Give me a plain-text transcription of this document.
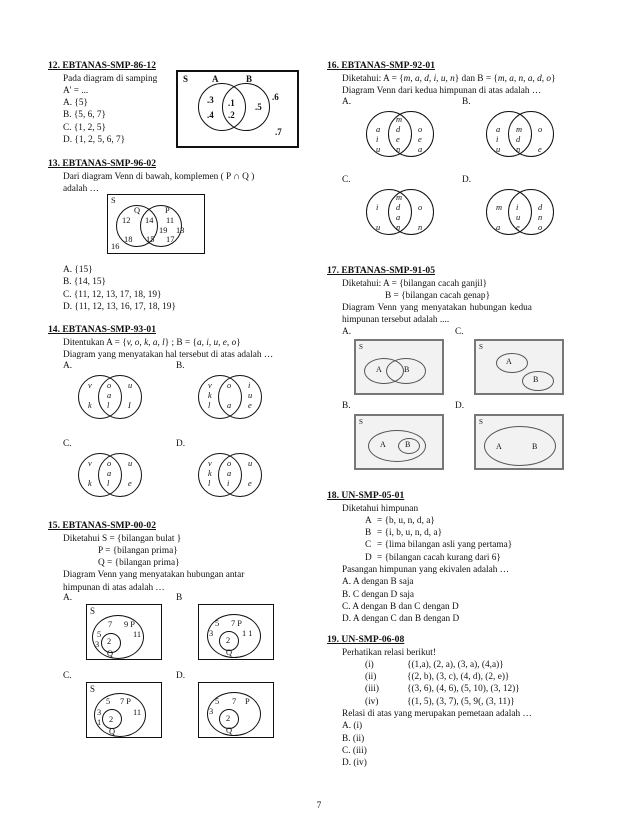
12. EBTANAS-SMP-86-12
Pada diagram di samping
A' = ...
A. {5}
B. {5, 6, 7}
C. {1, 2, 5}
D. {1, 2, 5, 6, 7}
S	A	B
.3 .1
.4 .2
.5
.6
.7
13. EBTANAS-SMP-96-02
Dari diagram Venn di bawah, komplemen ( P ∩ Q )
adalah …
S
Q	P
12 14 11
19 13
18 15 17
16
A. {15}
B. {14, 15}
C. {11, 12, 13, 17, 18, 19}
D. {11, 12, 13, 16, 17, 18, 19}
14. EBTANAS-SMP-93-01
Ditentukan A = {v, o, k, a, l} ; B = {a, i, u, e, o}
Diagram yang menyatakan hal tersebut di atas adalah …
A.	B.
C.	D.
v o u
a
k l I
v o i
k	u
l a e
v o u
a
k l e
v o u
k a
i
l	e
15. EBTANAS-SMP-00-02
Diketahui S = {bilangan bulat }
P = {bilangan prima}
Q = {bilangan prima}
Diagram Venn yang menyatakan hubungan antar
himpunan di atas adalah …
A.	B
C.	D.
S
7 9 P
5	11
3 2
Q
5 7 P
3	1 1
2
Q
S
5 7 P
3	11
1 2
Q
5 7 P
3
2
Q
16. EBTANAS-SMP-92-01
Diketahui: A = {m, a, d, i, u, n} dan B = {m, a, n, a, d, o}
Diagram Venn dari kedua himpunan di atas adalah …
A.	B.
C.	D.
m
a d o
i e e
u n a
a m o
i d
u n e
m
i d o
a
u n n
m i d
u n
a e o
17. EBTANAS-SMP-91-05
Diketahui: A = {bilangan cacah ganjil}
B = {bilangan cacah genap}
Diagram Venn yang menyatakan hubungan kedua
himpunan tersebut adalah ....
A.	C.
B.	D.
S
A	B
S
A
B
S
A B
S
A	B
18. UN-SMP-05-01
Diketahui himpunan
A = {b, u, n, d, a}
B = {i, b, u, n, d, a}
C = {lima bilangan asli yang pertama}
D = {bilangan cacah kurang dari 6}
Pasangan himpunan yang ekivalen adalah …
A. A dengan B saja
B. C dengan D saja
C. A dengan B dan C dengan D
D. A dengan C dan B dengan D
19. UN-SMP-06-08
Perhatikan relasi berikut!
(i)	{(1,a), (2, a), (3, a), (4,a)}
(ii)	{(2, b), (3, c), (4, d), (2, e)}
(iii)	{(3, 6), (4, 6), (5, 10), (3, 12)}
(iv)	{(1, 5), (3, 7), (5, 9(, (3, 11)}
Relasi di atas yang merupakan pemetaan adalah …
A. (i)
B. (ii)
C. (iii)
D. (iv)
7
